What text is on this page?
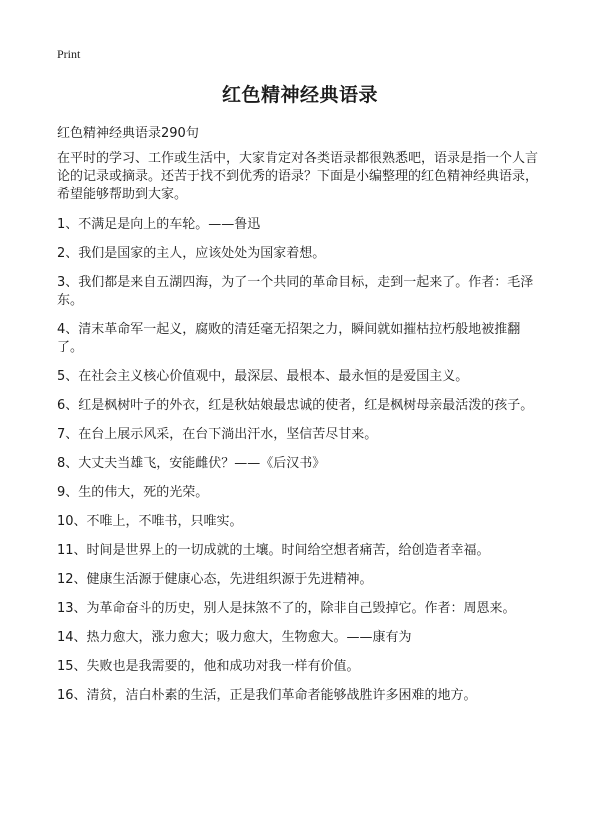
Print
红色精神经典语录
红色精神经典语录290句

在平时的学习、工作或生活中，大家肯定对各类语录都很熟悉吧，语录是指一个人言论的记录或摘录。还苦于找不到优秀的语录？下面是小编整理的红色精神经典语录，希望能够帮助到大家。

1、不满足是向上的车轮。——鲁迅
2、我们是国家的主人，应该处处为国家着想。
3、我们都是来自五湖四海，为了一个共同的革命目标，走到一起来了。作者：毛泽东。
4、清末革命军一起义，腐败的清廷毫无招架之力，瞬间就如摧枯拉朽般地被推翻了。
5、在社会主义核心价值观中，最深层、最根本、最永恒的是爱国主义。
6、红是枫树叶子的外衣，红是秋姑娘最忠诚的使者，红是枫树母亲最活泼的孩子。
7、在台上展示风采，在台下淌出汗水，坚信苦尽甘来。
8、大丈夫当雄飞，安能雌伏？——《后汉书》
9、生的伟大，死的光荣。
10、不唯上，不唯书，只唯实。
11、时间是世界上的一切成就的土壤。时间给空想者痛苦，给创造者幸福。
12、健康生活源于健康心态，先进组织源于先进精神。
13、为革命奋斗的历史，别人是抹煞不了的，除非自己毁掉它。作者：周恩来。
14、热力愈大，涨力愈大；吸力愈大，生物愈大。——康有为
15、失败也是我需要的，他和成功对我一样有价值。
16、清贫，洁白朴素的生活，正是我们革命者能够战胜许多困难的地方。
